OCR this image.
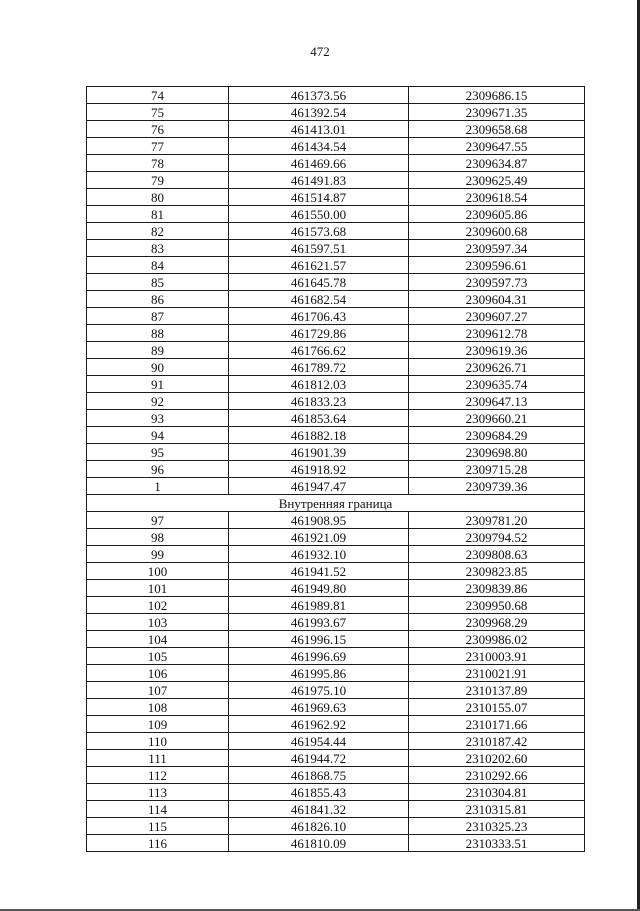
472
74	461373.56	2309686.15
75	461392.54	2309671.35
76	461413.01	2309658.68
77	461434.54	2309647.55
78	461469.66	2309634.87
79	461491.83	2309625.49
80	461514.87	2309618.54
81	461550.00	2309605.86
82	461573.68	2309600.68
83	461597.51	2309597.34
84	461621.57	2309596.61
85	461645.78	2309597.73
86	461682.54	2309604.31
87	461706.43	2309607.27
88	461729.86	2309612.78
89	461766.62	2309619.36
90	461789.72	2309626.71
91	461812.03	2309635.74
92	461833.23	2309647.13
93	461853.64	2309660.21
94	461882.18	2309684.29
95	461901.39	2309698.80
96	461918.92	2309715.28
1	461947.47	2309739.36
Внутренняя граница		
97	461908.95	2309781.20
98	461921.09	2309794.52
99	461932.10	2309808.63
100	461941.52	2309823.85
101	461949.80	2309839.86
102	461989.81	2309950.68
103	461993.67	2309968.29
104	461996.15	2309986.02
105	461996.69	2310003.91
106	461995.86	2310021.91
107	461975.10	2310137.89
108	461969.63	2310155.07
109	461962.92	2310171.66
110	461954.44	2310187.42
111	461944.72	2310202.60
112	461868.75	2310292.66
113	461855.43	2310304.81
114	461841.32	2310315.81
115	461826.10	2310325.23
116	461810.09	2310333.51
